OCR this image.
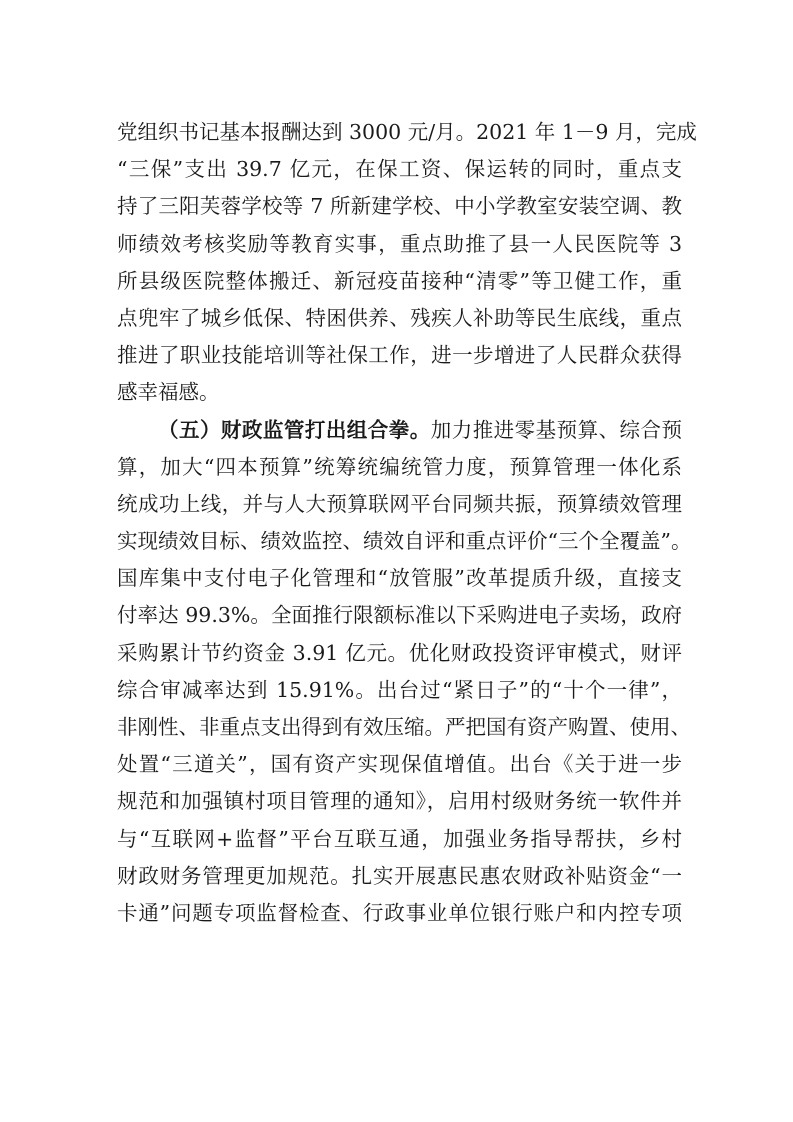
党组织书记基本报酬达到 3000 元/月。2021 年 1－9 月，完成
“三保”支出 39.7 亿元，在保工资、保运转的同时，重点支
持了三阳芙蓉学校等 7 所新建学校、中小学教室安装空调、教
师绩效考核奖励等教育实事，重点助推了县一人民医院等 3
所县级医院整体搬迁、新冠疫苗接种“清零”等卫健工作，重
点兜牢了城乡低保、特困供养、残疾人补助等民生底线，重点
推进了职业技能培训等社保工作，进一步增进了人民群众获得
感幸福感。
（五）财政监管打出组合拳。加力推进零基预算、综合预
算，加大“四本预算”统筹统编统管力度，预算管理一体化系
统成功上线，并与人大预算联网平台同频共振，预算绩效管理
实现绩效目标、绩效监控、绩效自评和重点评价“三个全覆盖”。
国库集中支付电子化管理和“放管服”改革提质升级，直接支
付率达 99.3%。全面推行限额标准以下采购进电子卖场，政府
采购累计节约资金 3.91 亿元。优化财政投资评审模式，财评
综合审减率达到 15.91%。出台过“紧日子”的“十个一律”，
非刚性、非重点支出得到有效压缩。严把国有资产购置、使用、
处置“三道关”，国有资产实现保值增值。出台《关于进一步
规范和加强镇村项目管理的通知》，启用村级财务统一软件并
与“互联网+监督”平台互联互通，加强业务指导帮扶，乡村
财政财务管理更加规范。扎实开展惠民惠农财政补贴资金“一
卡通”问题专项监督检查、行政事业单位银行账户和内控专项
